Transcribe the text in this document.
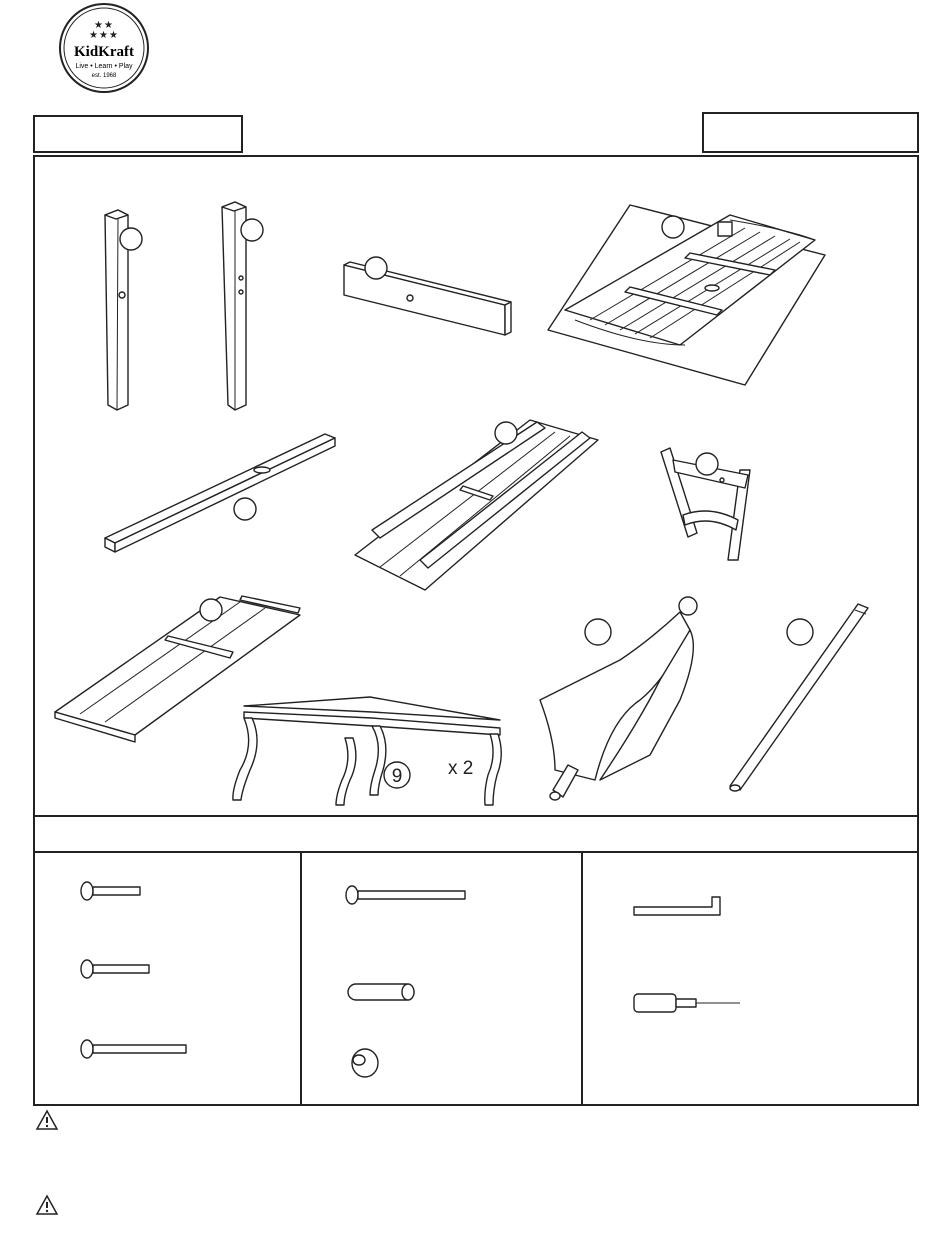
★ ★
★ ★ ★
KidKraft
Live • Learn • Play
est. 1968
9 x 2
